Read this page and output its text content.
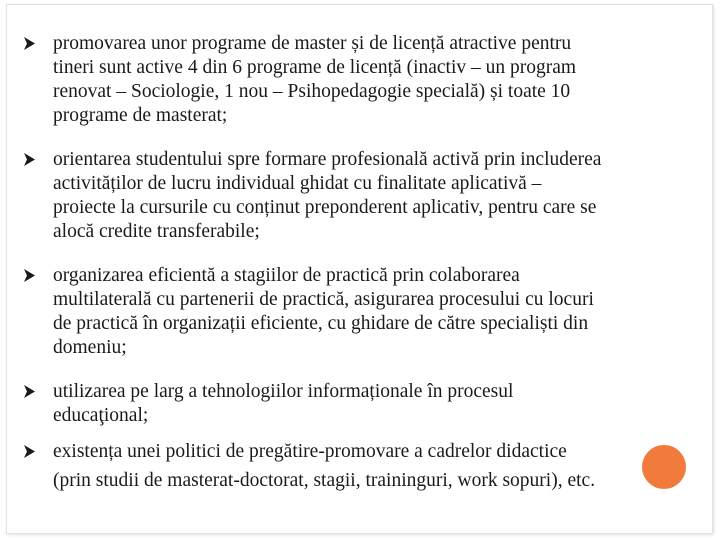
promovarea unor programe de master și de licență atractive pentru
tineri sunt active 4 din 6 programe de licență (inactiv – un program
renovat – Sociologie, 1 nou – Psihopedagogie specială) și toate 10
programe de masterat;
orientarea studentului spre formare profesională activă prin includerea
activităților de lucru individual ghidat cu finalitate aplicativă –
proiecte la cursurile cu conținut preponderent aplicativ, pentru care se
alocă credite transferabile;
organizarea eficientă a stagiilor de practică prin colaborarea
multilaterală cu partenerii de practică, asigurarea procesului cu locuri
de practică în organizații eficiente, cu ghidare de către specialiști din
domeniu;
utilizarea pe larg a tehnologiilor informaționale în procesul
educaţional;
existența unei politici de pregătire-promovare a cadrelor didactice
(prin studii de masterat-doctorat, stagii, traininguri, work sopuri), etc.
